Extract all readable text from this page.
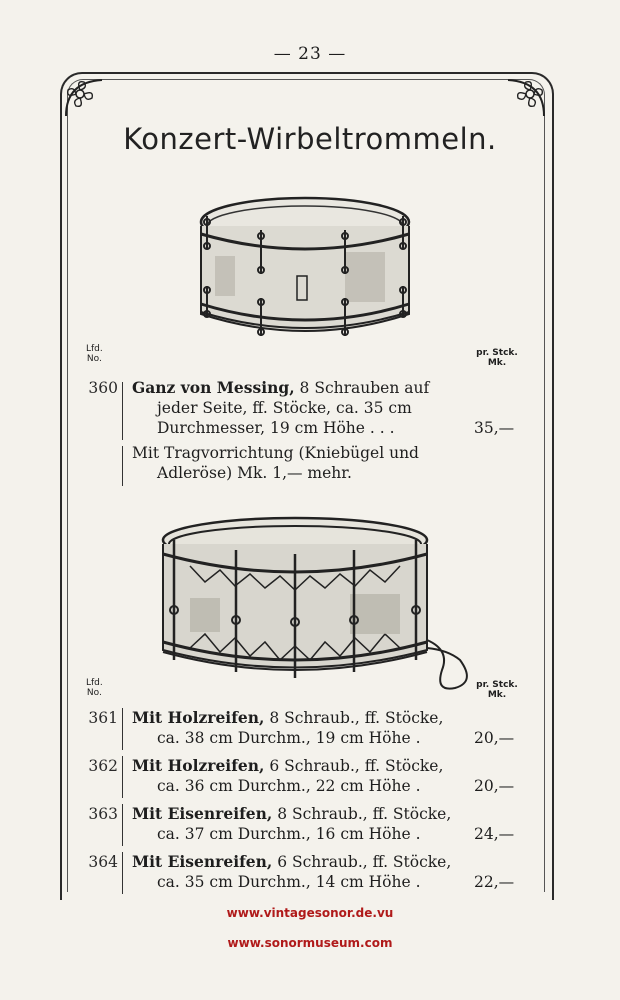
— 23 —
Konzert-Wirbeltrommeln.
Lfd.
No.
pr. Stck.
Mk.
360 Ganz von Messing, 8 Schrauben auf
jeder Seite, ff. Stöcke, ca. 35 cm
Durchmesser, 19 cm Höhe . . .	35,—
Mit Tragvorrichtung (Kniebügel und
Adleröse) Mk. 1,— mehr.
Lfd.
No.
pr. Stck.
Mk.
361 Mit Holzreifen, 8 Schraub., ff. Stöcke,
ca. 38 cm Durchm., 19 cm Höhe .	20,—
362 Mit Holzreifen, 6 Schraub., ff. Stöcke,
ca. 36 cm Durchm., 22 cm Höhe .	20,—
363 Mit Eisenreifen, 8 Schraub., ff. Stöcke,
ca. 37 cm Durchm., 16 cm Höhe .	24,—
364 Mit Eisenreifen, 6 Schraub., ff. Stöcke,
ca. 35 cm Durchm., 14 cm Höhe .	22,—
www.vintagesonor.de.vu
www.sonormuseum.com
